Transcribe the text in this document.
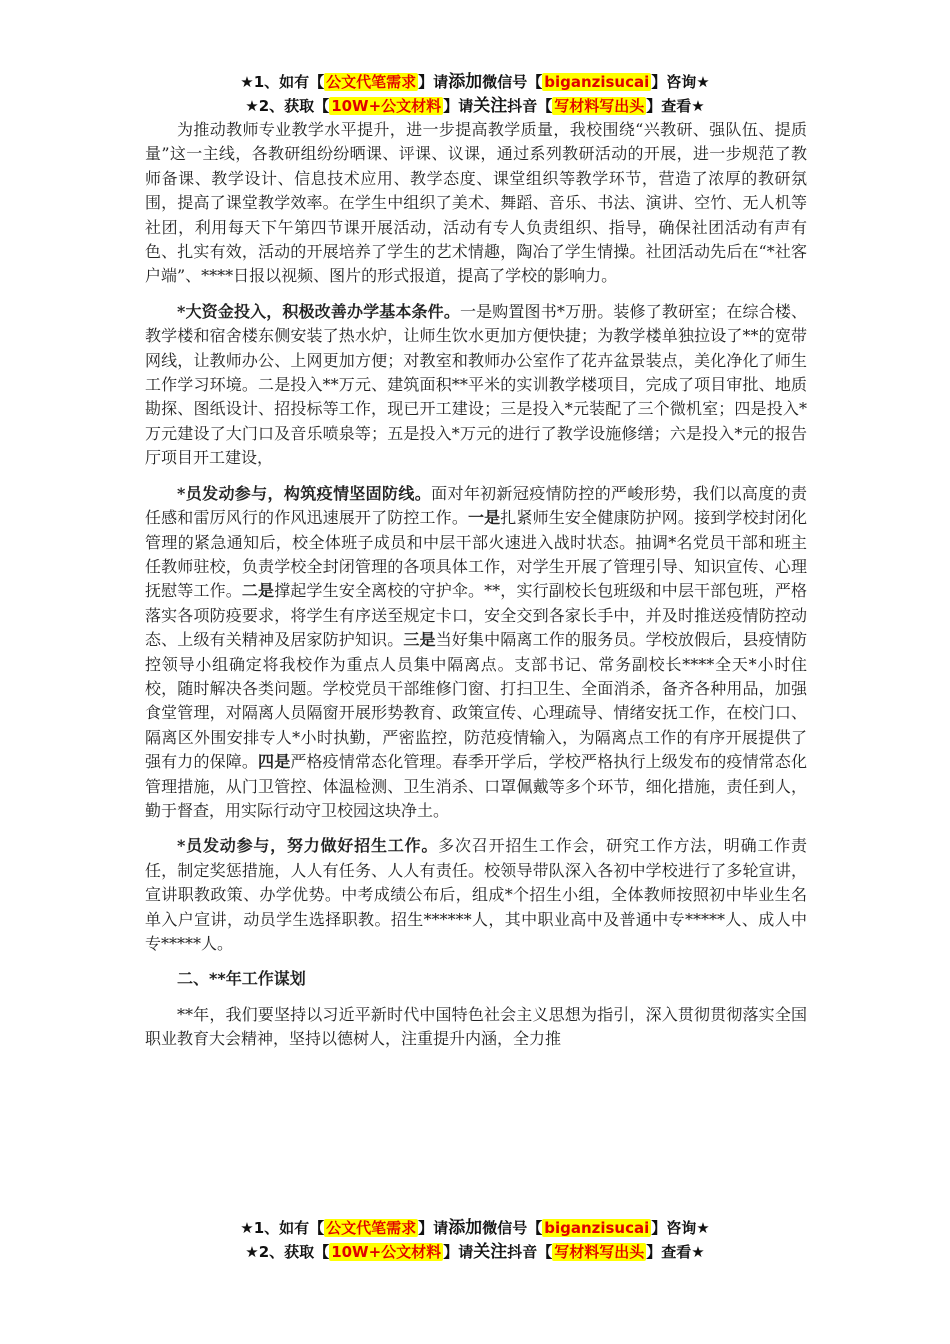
★1、如有【 公文代笔需求 】请添加微信号【 biganzisucai 】咨询★
★2、获取【 10W+公文材料 】请关注抖音【 写材料写出头 】查看★

为推动教师专业教学水平提升，进一步提高教学质量，我校围绕“兴教研、强队伍、提质量”这一主线，各教研组纷纷晒课、评课、议课，通过系列教研活动的开展，进一步规范了教师备课、教学设计、信息技术应用、教学态度、课堂组织等教学环节，营造了浓厚的教研氛围，提高了课堂教学效率。在学生中组织了美术、舞蹈、音乐、书法、演讲、空竹、无人机等社团，利用每天下午第四节课开展活动，活动有专人负责组织、指导，确保社团活动有声有色、扎实有效，活动的开展培养了学生的艺术情趣，陶冶了学生情操。社团活动先后在“*社客户端”、****日报以视频、图片的形式报道，提高了学校的影响力。

*大资金投入，积极改善办学基本条件。一是购置图书*万册。装修了教研室；在综合楼、教学楼和宿舍楼东侧安装了热水炉，让师生饮水更加方便快捷；为教学楼单独拉设了**的宽带网线，让教师办公、上网更加方便；对教室和教师办公室作了花卉盆景装点，美化净化了师生工作学习环境。二是投入**万元、建筑面积**平米的实训教学楼项目，完成了项目审批、地质勘探、图纸设计、招投标等工作，现已开工建设；三是投入*元装配了三个微机室；四是投入*万元建设了大门口及音乐喷泉等；五是投入*万元的进行了教学设施修缮；六是投入*元的报告厅项目开工建设，

*员发动参与，构筑疫情坚固防线。面对年初新冠疫情防控的严峻形势，我们以高度的责任感和雷厉风行的作风迅速展开了防控工作。一是扎紧师生安全健康防护网。接到学校封闭化管理的紧急通知后，校全体班子成员和中层干部火速进入战时状态。抽调*名党员干部和班主任教师驻校，负责学校全封闭管理的各项具体工作，对学生开展了管理引导、知识宣传、心理抚慰等工作。二是撑起学生安全离校的守护伞。**，实行副校长包班级和中层干部包班，严格落实各项防疫要求，将学生有序送至规定卡口，安全交到各家长手中，并及时推送疫情防控动态、上级有关精神及居家防护知识。三是当好集中隔离工作的服务员。学校放假后，县疫情防控领导小组确定将我校作为重点人员集中隔离点。支部书记、常务副校长****全天*小时住校，随时解决各类问题。学校党员干部维修门窗、打扫卫生、全面消杀，备齐各种用品，加强食堂管理，对隔离人员隔窗开展形势教育、政策宣传、心理疏导、情绪安抚工作，在校门口、隔离区外围安排专人*小时执勤，严密监控，防范疫情输入，为隔离点工作的有序开展提供了强有力的保障。四是严格疫情常态化管理。春季开学后，学校严格执行上级发布的疫情常态化管理措施，从门卫管控、体温检测、卫生消杀、口罩佩戴等多个环节，细化措施，责任到人，勤于督查，用实际行动守卫校园这块净土。

*员发动参与，努力做好招生工作。多次召开招生工作会，研究工作方法，明确工作责任，制定奖惩措施，人人有任务、人人有责任。校领导带队深入各初中学校进行了多轮宣讲，宣讲职教政策、办学优势。中考成绩公布后，组成*个招生小组，全体教师按照初中毕业生名单入户宣讲，动员学生选择职教。招生******人，其中职业高中及普通中专*****人、成人中专*****人。

二、**年工作谋划

**年，我们要坚持以习近平新时代中国特色社会主义思想为指引，深入贯彻贯彻落实全国职业教育大会精神，坚持以德树人，注重提升内涵，全力推

★1、如有【 公文代笔需求 】请添加微信号【 biganzisucai 】咨询★
★2、获取【 10W+公文材料 】请关注抖音【 写材料写出头 】查看★
